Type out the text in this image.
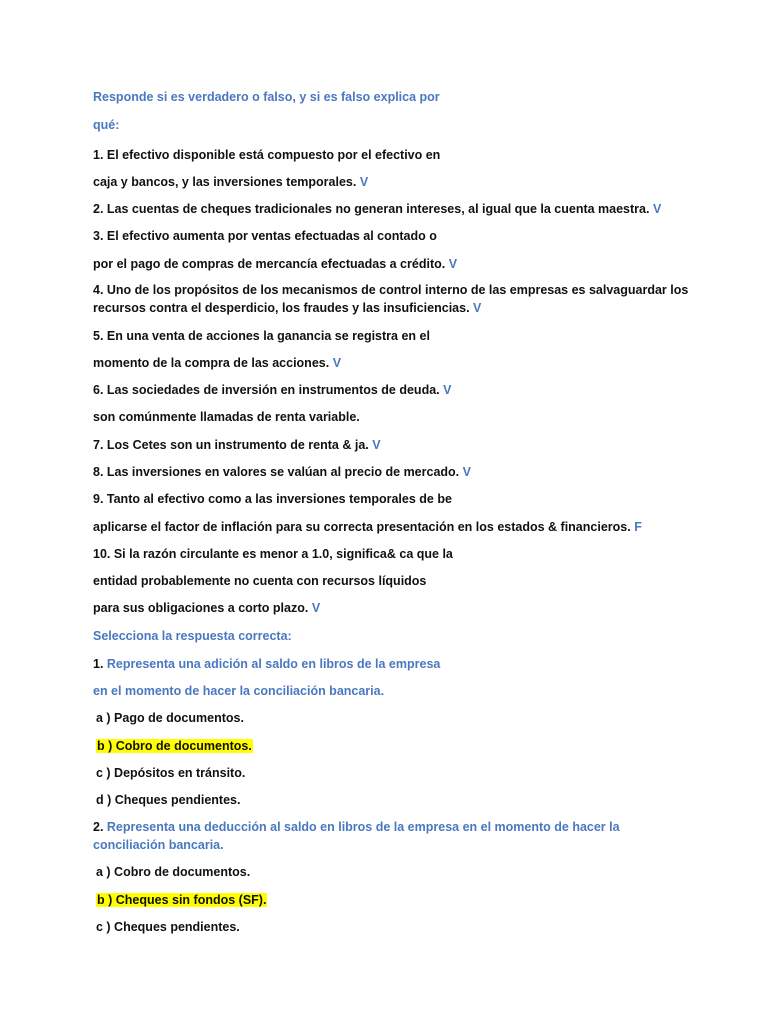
Responde si es verdadero o falso, y si es falso explica por

qué:

1. El efectivo disponible está compuesto por el efectivo en

caja y bancos, y las inversiones temporales. V

2. Las cuentas de cheques tradicionales no generan intereses, al igual que la cuenta maestra. V

3. El efectivo aumenta por ventas efectuadas al contado o

por el pago de compras de mercancía efectuadas a crédito. V

4. Uno de los propósitos de los mecanismos de control interno de las empresas es salvaguardar los

recursos contra el desperdicio, los fraudes y las insuficiencias. V

5. En una venta de acciones la ganancia se registra en el

momento de la compra de las acciones. V

6. Las sociedades de inversión en instrumentos de deuda. V

son comúnmente llamadas de renta variable.

7. Los Cetes son un instrumento de renta & ja. V

8. Las inversiones en valores se valúan al precio de mercado. V

9. Tanto al efectivo como a las inversiones temporales de be

aplicarse el factor de inflación para su correcta presentación en los estados & financieros. F

10. Si la razón circulante es menor a 1.0, significa& ca que la

entidad probablemente no cuenta con recursos líquidos

para sus obligaciones a corto plazo. V

Selecciona la respuesta correcta:

1. Representa una adición al saldo en libros de la empresa

en el momento de hacer la conciliación bancaria.

a ) Pago de documentos.

b ) Cobro de documentos.

c ) Depósitos en tránsito.

d ) Cheques pendientes.

2. Representa una deducción al saldo en libros de la empresa en el momento de hacer la

conciliación bancaria.

a ) Cobro de documentos.

b ) Cheques sin fondos (SF).

c ) Cheques pendientes.
